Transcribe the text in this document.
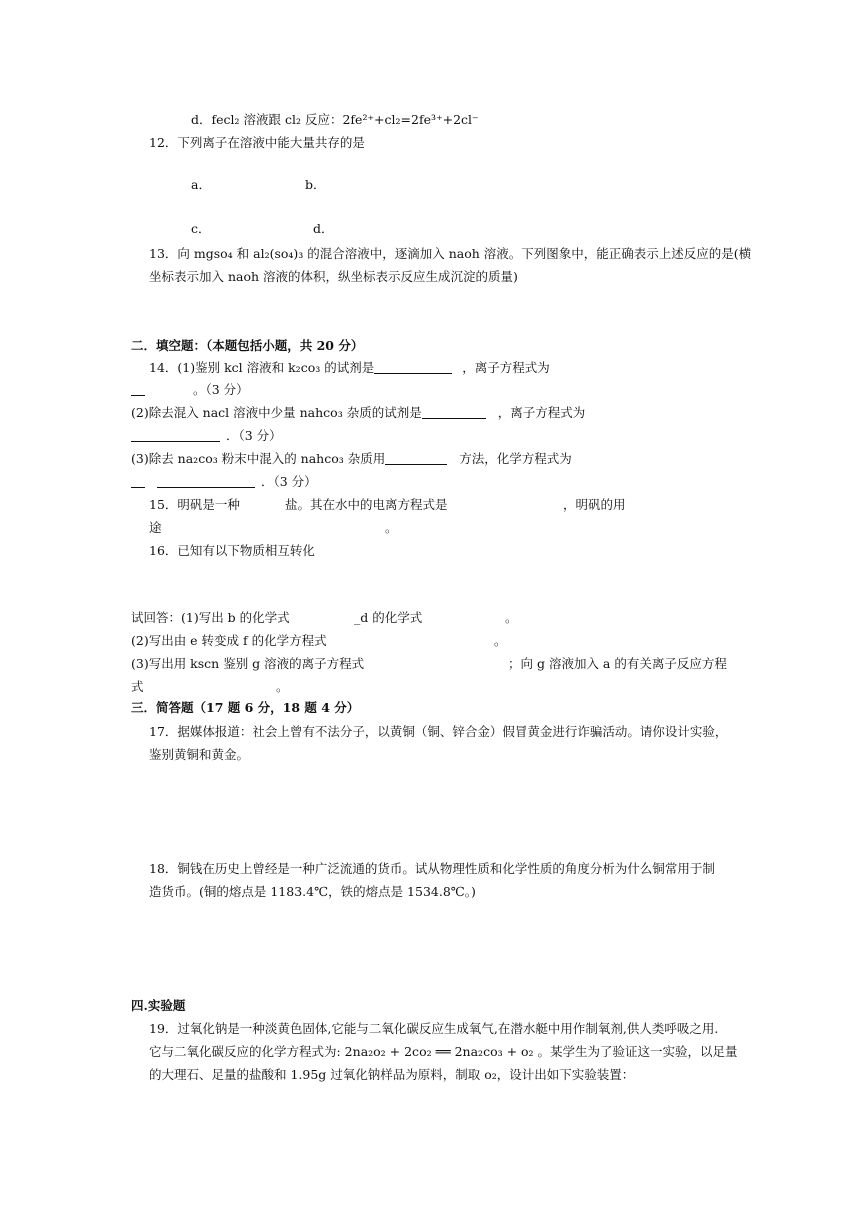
d．fecl₂ 溶液跟 cl₂ 反应：2fe²⁺+cl₂=2fe³⁺+2cl⁻
12．下列离子在溶液中能大量共存的是
a．	b．
c．	d．
13．向 mgso₄ 和 al₂(so₄)₃ 的混合溶液中，逐滴加入 naoh 溶液。下列图象中，能正确表示上述反应的是(横
坐标表示加入 naoh 溶液的体积，纵坐标表示反应生成沉淀的质量)
二．填空题：（本题包括小题，共 20 分）
14．(1)鉴别 kcl 溶液和 k₂co₃ 的试剂是	，离子方程式为
。（3 分）
(2)除去混入 nacl 溶液中少量 nahco₃ 杂质的试剂是	，离子方程式为
．（3 分）
(3)除去 na₂co₃ 粉末中混入的 nahco₃ 杂质用	方法，化学方程式为
．（3 分）
15．明矾是一种	盐。其在水中的电离方程式是	，明矾的用
途	。
16．已知有以下物质相互转化
试回答：(1)写出 b 的化学式	_d 的化学式	。
(2)写出由 e 转变成 f 的化学方程式	。
(3)写出用 kscn 鉴别 g 溶液的离子方程式	；向 g 溶液加入 a 的有关离子反应方程
式	。
三．简答题（17 题 6 分，18 题 4 分）
17．据媒体报道：社会上曾有不法分子，以黄铜（铜、锌合金）假冒黄金进行诈骗活动。请你设计实验，
鉴别黄铜和黄金。
18．铜钱在历史上曾经是一种广泛流通的货币。试从物理性质和化学性质的角度分析为什么铜常用于制
造货币。(铜的熔点是 1183.4℃，铁的熔点是 1534.8℃。)
四.实验题
19．过氧化钠是一种淡黄色固体,它能与二氧化碳反应生成氧气,在潜水艇中用作制氧剂,供人类呼吸之用.
它与二氧化碳反应的化学方程式为: 2na₂o₂ + 2co₂ ══ 2na₂co₃ + o₂ 。某学生为了验证这一实验，以足量
的大理石、足量的盐酸和 1.95g 过氧化钠样品为原料，制取 o₂，设计出如下实验装置：
